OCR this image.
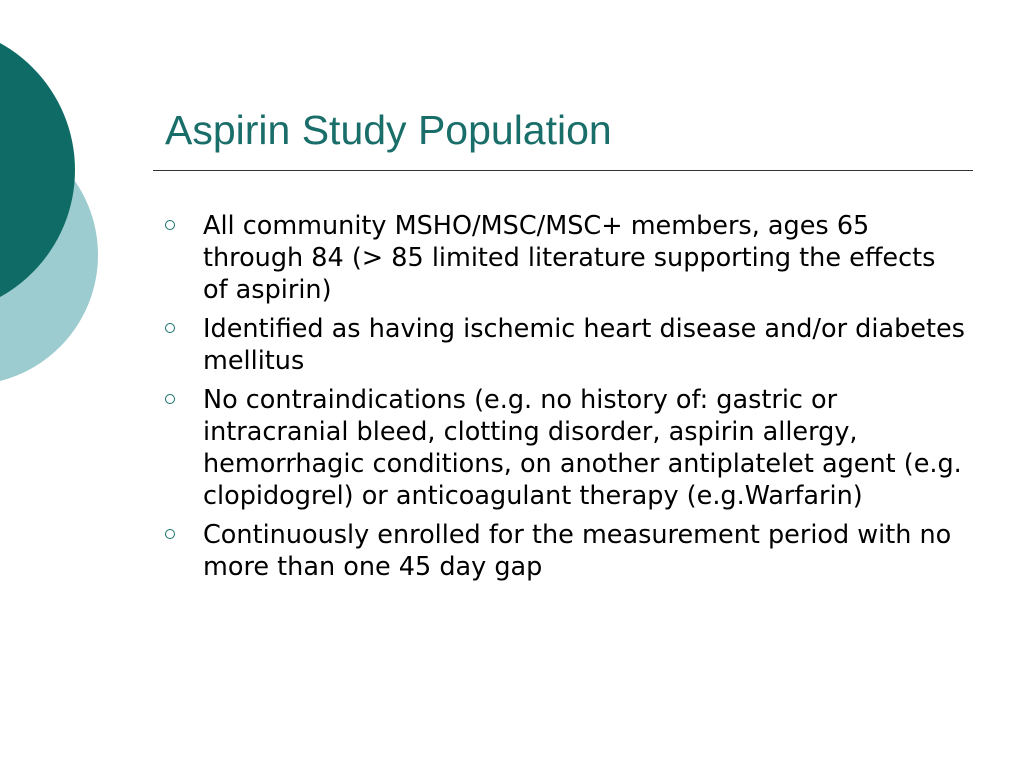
Aspirin Study Population
All community MSHO/MSC/MSC+ members, ages 65 through 84 (> 85 limited literature supporting the effects of aspirin)
Identified as having ischemic heart disease and/or diabetes mellitus
No contraindications (e.g. no history of: gastric or intracranial bleed, clotting disorder, aspirin allergy, hemorrhagic conditions, on another antiplatelet agent (e.g. clopidogrel) or anticoagulant therapy (e.g.Warfarin)
Continuously enrolled for the measurement period with no more than one 45 day gap
